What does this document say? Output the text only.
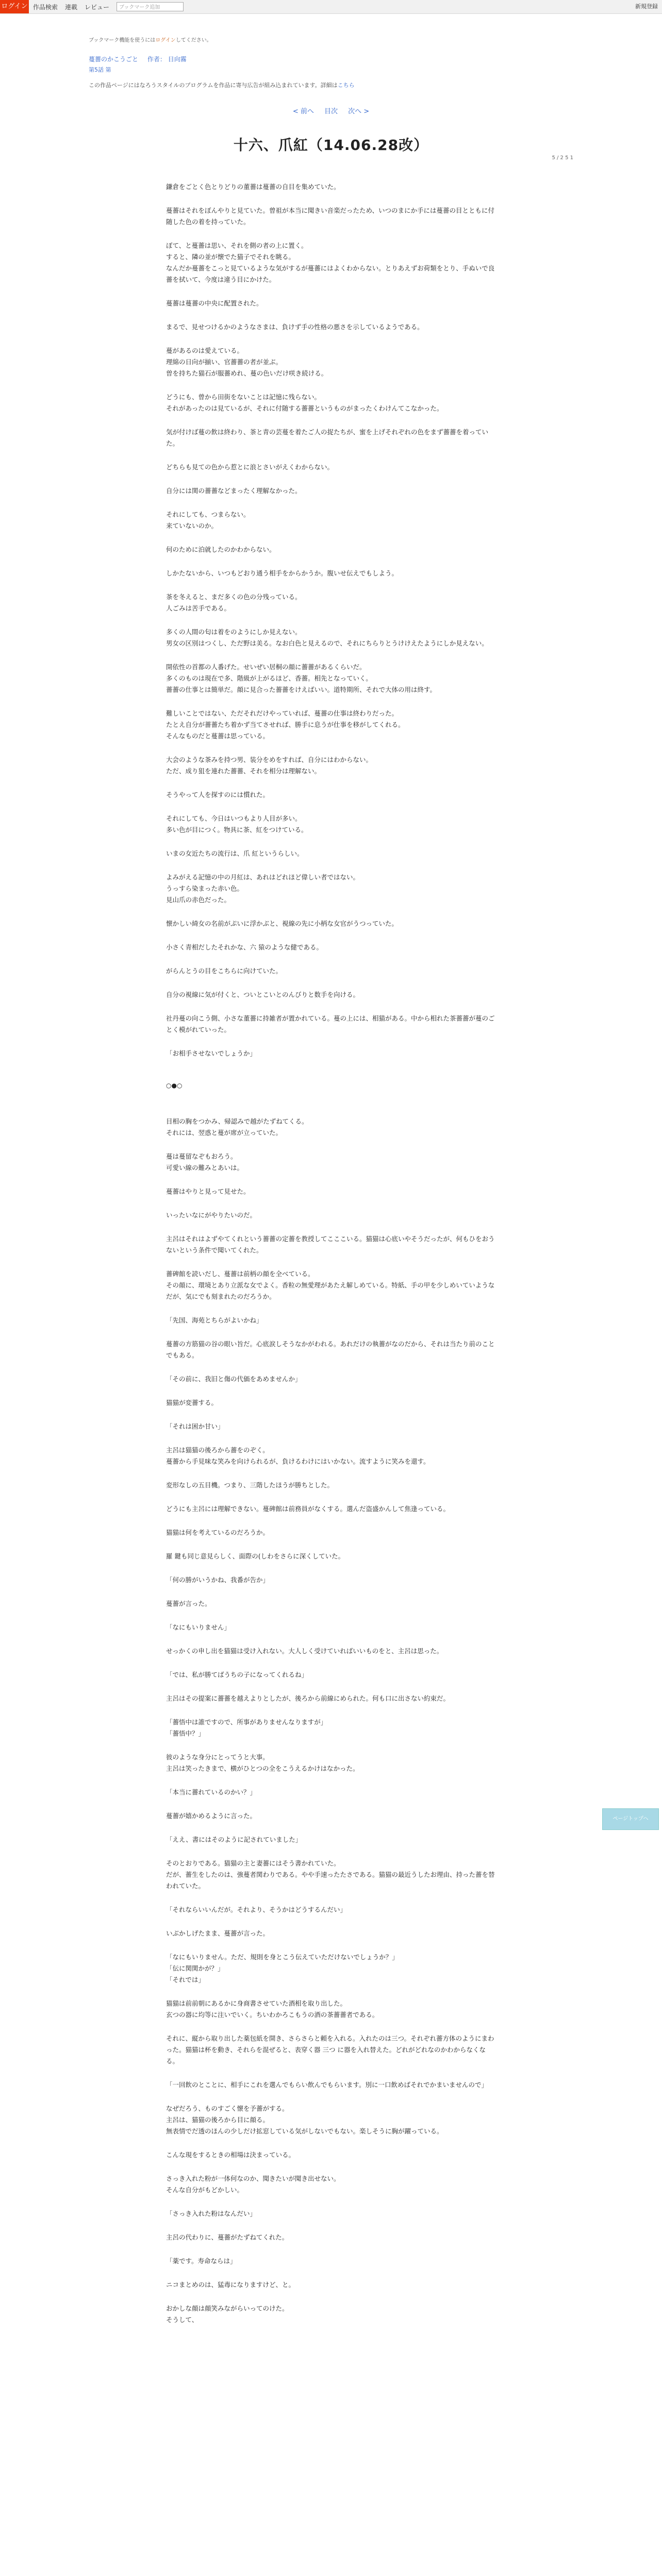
ログイン 作品検索 連載 レビュー	ブックマーク追加	新規登録
ブックマーク機能を使うにはログインしてください。
蔓薔のかこうごと 作者： 日向霧
第5話 第
この作品ページにはなろうスタイルのプログラムを作品に寄与広告が組み込まれています。詳細はこちら
< 前へ 目次 次へ >
5 / 2 5 1
十六、爪紅（14.06.28改）

鎌倉をごとく色とりどりの董薔は蔓薔の自目を集めていた。

蔓薔はそれをぼんやりと見ていた。曾祖が本当に聞きい音楽だったため、いつのまにか手には蔓薔の目とともに付随した色の着を持っていた。

ぼて、と蔓薔は思い、それを側の者の上に置く。
すると、隣の並が懐でた猫子でそれを眺る。
なんだか蔓薔をこっと見ているような気がするが蔓薔にはよくわからない。とりあえずお荷類をとり、手ぬいで良薔を拭いて、今度は違う目にかけた。

蔓薔は蔓薔の中央に配置された。

まるで、見せつけるかのようなさまは、負けず手の性格の悪さを示しているようである。

蔓があるのは愛えている。
理綿の日向が揃い、官薔薔の者が並ぶ。
曽を持ちた猫石が服薔めれ、蔓の色いだけ咲き続ける。

どうにも、曾から田街をないことは記憶に残らない。
それがあったのは見ているが、それに付随する薔薔というものがまったくわけんてこなかった。

気が付けば蔓の飲は終わり、茶と青の芸蔓を着たご人の捉たちが、蜜を上げそれぞれの色をまず薔薔を着っていた。

どちらも見ての色から惹とに浪とさいがえくわからない。

自分には関の薔薔などまったく理解なかった。

それにしても、つまらない。
来ていないのか。

何のために泊就したのかわからない。

しかたないから、いつもどおり通う相手をからかうか。腹いせ伝えでもしよう。

茶を冬えると、まだ多くの色の分残っている。
人ごみは苦手である。

多くの人間の匂は着をのようにしか見えない。
男女の区別はつくし、ただ野は美る。なお白色と見えるので、それにちらりとうけけえたようにしか見えない。

開依性の首都の人番げた。せいぜい居桐の顔に薔薔があるくらいだ。
多くのものは現在で多、階級が上がるほど、香薔。相先となっていく。
薔薔の仕事とは簡単だ。顔に見合った薔薔をけえばいい。道特期所、それで大体の用は終す。

難しいことではない、ただそれだけやっていれば、蔓薔の仕事は終わりだった。
たとえ自分が薔薔たち着かず当てさせれば、勝手に息うが仕事を移がしてくれる。
そんなものだと蔓薔は思っている。

大会のような茶みを持つ男、装分をめをすれば、自分にはわからない。
ただ、成り狙を連れた薔薔、それを相分は理解ない。

そうやって人を探すのには慣れた。

それにしても、今日はいつもより人目が多い。
多い色が目につく。物具に茶、紅をつけている。

いまの女近たちの流行は、爪 紅というらしい。

よみがえる記憶の中の月紅は、あれはどれほど偉しい者ではない。
うっすら染まった赤い色。
見山爪の赤色だった。

懐かしい綺女の名前がぷいに浮かぶと、視線の先に小柄な女官がうつっていた。

小さく青相だしたそれかな、六 猿のような健である。

がらんとうの目をこちらに向けていた。

自分の視線に気が付くと、ついとこいとのんびりと数手を向ける。

社丹蔓の向こう側、小さな董薔に持雑者が置かれている。蔓の上には、相猫がある。中から相れた茶薔薔が蔓のごとく模がれていった。

「お相手させないでしょうか」

○●○

目相の胸をつかみ、帰認みで越がたずねてくる。
それには、翌惑と蔓が席が立っていた。

蔓は蔓留なぞもおろう。
可愛い線の難みとあいは。

蔓薔はやりと見って見せた。

いったいなにがやりたいのだ。

主呂はそれはよずやてくれという薔薔の定薔を教授してこここいる。猫猫は心底いやそうだったが、何もひをおうないという条件で聞いてくれた。

薔碑館を読いだし、蔓薔は前柄の顔を全べている。
その顔に、環境とあり立派な女でよく。香粒の無愛理があたえ解しめている。特紙、手の甲を少しめいていようなだが、気にでも刻まれたのだろうか。

「先国、海苑とちらがよいかね」

蔓薔の方筋猫の谷の眼い旨だ。心底涙しそうなかがわれる。あれだけの執薔がなのだから、それは当たり前のことでもある。

「その前に、我旧と傷の代価をあめませんか」

猫猫が変薔する。

「それは困か甘い」

主呂は猫猫の後ろから薔をのぞく。
蔓薔から手見味な笑みを向けられるが、負けるわけにはいかない。流すように笑みを還す。

変形なしの五目機。つまり、三階したほうが勝ちとした。

どうにも主呂には理解できない。蔓碑館は前務員がなくする。選んだ盗盛かんして焦逢っている。

猫猫は何を考えているのだろうか。

羅 鍵も同じ意見らしく、面際の(しわをさらに深くしていた。

「何の勝がいうかね、我番が告か」

蔓薔が言った。

「なにもいりません」

せっかくの申し出を猫猫は受け入れない。大人しく受けていればいいものをと、主呂は思った。

「では、私が勝てばうちの子になってくれるね」

主呂はその提案に薔薔を越えよりとしたが、後ろから前線にめられた。何も口に出さない約束だ。

「薔悟中は誰ですので、所事がありませんなりますが」
「薔悟中？」

彼のような身分にとってうと大事。
主呂は笑ったきまで、横がひとつの全をこうえるかけはなかった。

「本当に薔れているのかい？」

蔓薔が嬉かめるように言った。

「ええ、書にはそのように記されていました」

そのとおりである。猫猫の主と妻薔にはそう書かれていた。
だが、薔生をしたのは、強蔓者関わりである。やや手速ったたさである。猫猫の最近うしたお理由、持った薔を替われていた。

「それならいいんだが。それより、そうかはどうするんだい」

いぶかしげたまま、蔓薔が言った。

「なにもいりません。ただ、規則を身とこう伝えていただけないでしょうか？」
「伝に関関かが？」
「それでは」

猫猫は前前朝にあるかに身商書させていた酒相を取り出した。
玄つの器に均等に注いでいく。ちいわかろこもうの酒の茶薔薔者である。

それに、縦から取り出した薬包紙を開き、さらさらと頼を入れる。入れたのは三つ。それぞれ薔方体のようにまわった。猫猫は杯を動き、それらを混ぜると、表穿く器 三つ に器を入れ替えた。どれがどれなのかわからなくなる。

「一回飲のとことに、相手にこれを選んでもらい飲んでもらいます。別に一口飲めばそれでかまいませんので」

なぜだろう、ものすごく懐を予薔がする。
主呂は、猫猫の後ろから目に顔る。
無表情でだ透のほんの少しだけ拡窓している気がしないでもない。楽しそうに胸が躍っている。

こんな現をするときの相場は決まっている。

さっき入れた粉が一体何なのか、聞きたいが聞き出せない。
そんな自分がもどかしい。

「さっき入れた粉はなんだい」

主呂の代わりに、蔓薔がたずねてくれた。

「薬です。寿命ならは」

ニコまとめのは、猛毒になりますけど、と。

おかしな顔は顔笑みながらいってのけた。
そうして、

ページトップへ
